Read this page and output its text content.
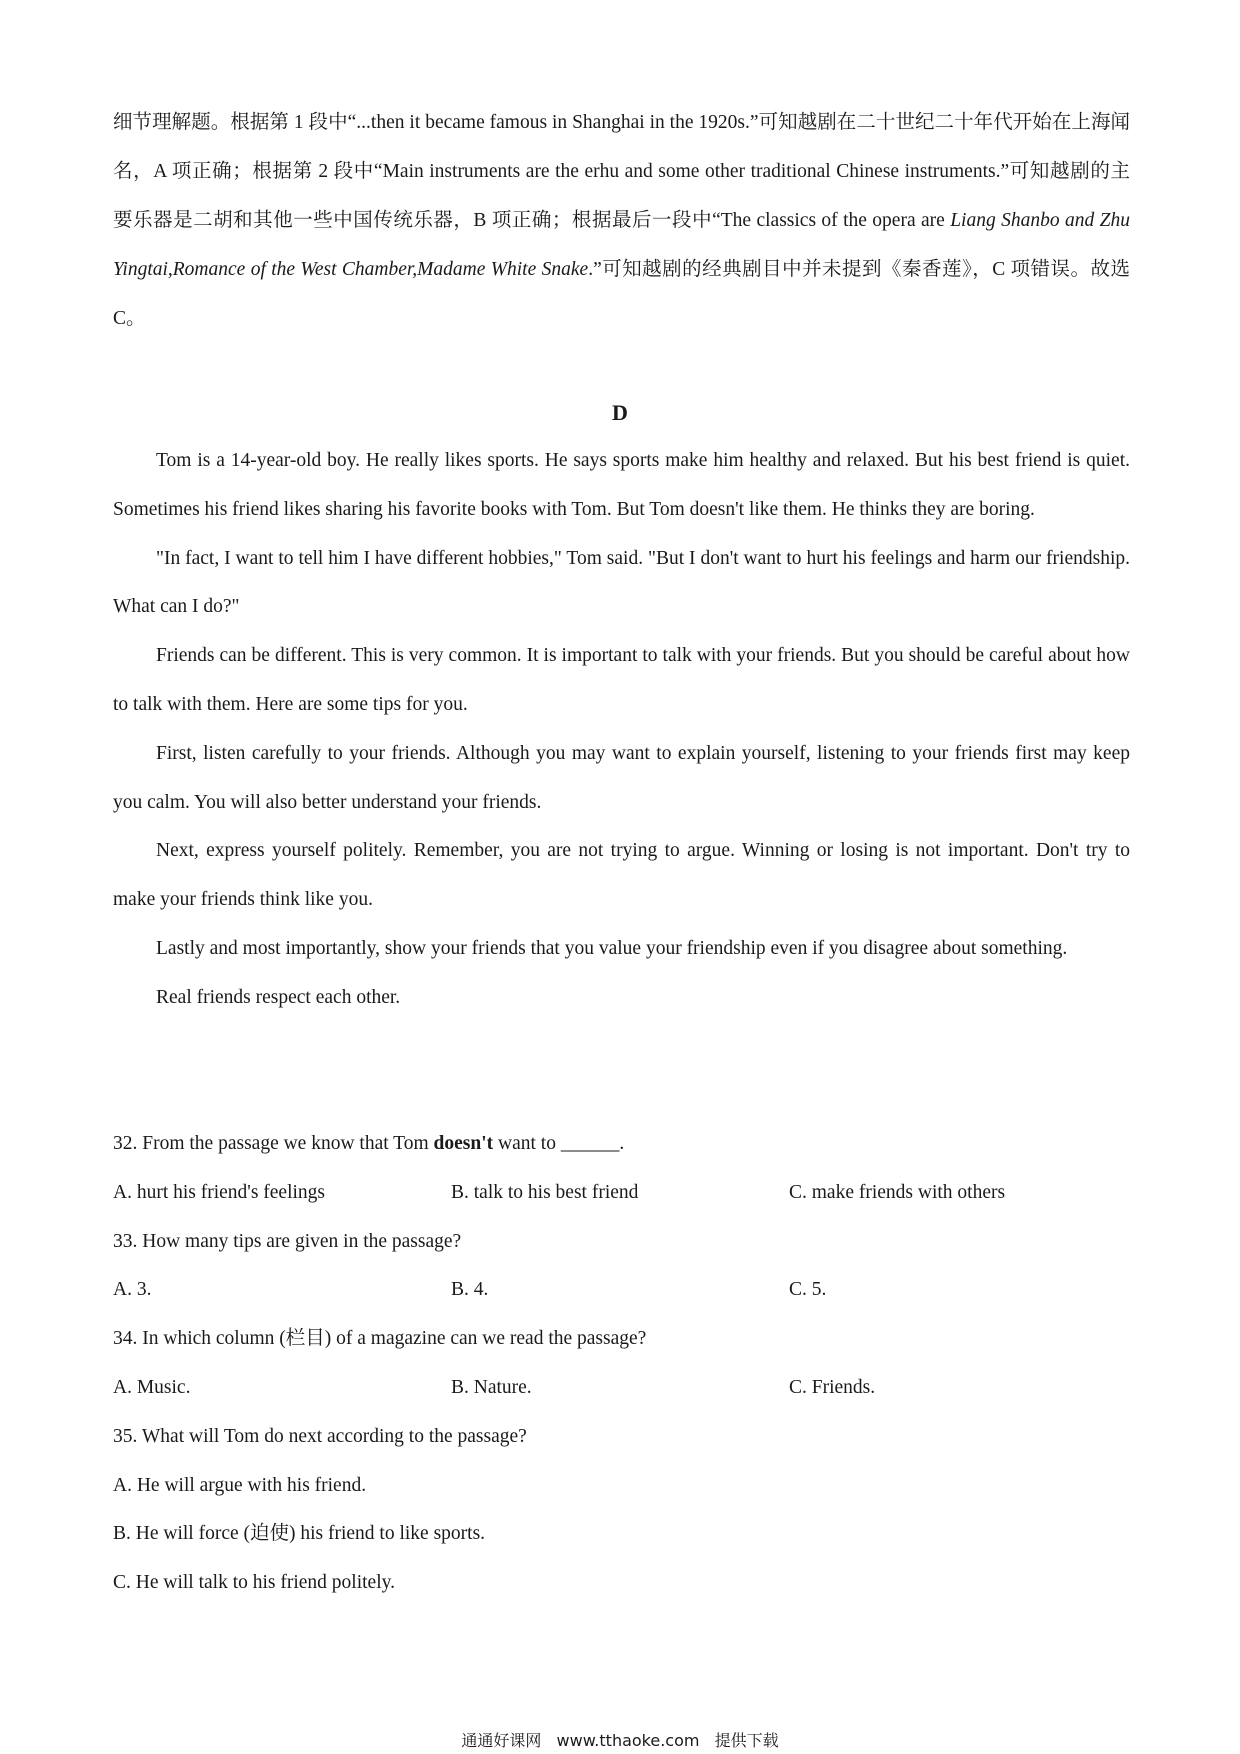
细节理解题。根据第 1 段中“...then it became famous in Shanghai in the 1920s.”可知越剧在二十世纪二十年代开始在上海闻名，A 项正确；根据第 2 段中“Main instruments are the erhu and some other traditional Chinese instruments.”可知越剧的主要乐器是二胡和其他一些中国传统乐器，B 项正确；根据最后一段中“The classics of the opera are Liang Shanbo and Zhu Yingtai,Romance of the West Chamber,Madame White Snake.”可知越剧的经典剧目中并未提到《秦香莲》，C 项错误。故选 C。
D

Tom is a 14-year-old boy. He really likes sports. He says sports make him healthy and relaxed. But his best friend is quiet. Sometimes his friend likes sharing his favorite books with Tom. But Tom doesn't like them. He thinks they are boring.

"In fact, I want to tell him I have different hobbies," Tom said. "But I don't want to hurt his feelings and harm our friendship. What can I do?"

Friends can be different. This is very common. It is important to talk with your friends. But you should be careful about how to talk with them. Here are some tips for you.

First, listen carefully to your friends. Although you may want to explain yourself, listening to your friends first may keep you calm. You will also better understand your friends.

Next, express yourself politely. Remember, you are not trying to argue. Winning or losing is not important. Don't try to make your friends think like you.

Lastly and most importantly, show your friends that you value your friendship even if you disagree about something.

Real friends respect each other.

32. From the passage we know that Tom doesn't want to ______.

A. hurt his friend's feelings	B. talk to his best friend	C. make friends with others

33. How many tips are given in the passage?

A. 3.	B. 4.	C. 5.

34. In which column (栏目) of a magazine can we read the passage?

A. Music.	B. Nature.	C. Friends.

35. What will Tom do next according to the passage?

A. He will argue with his friend.

B. He will force (迫使) his friend to like sports.

C. He will talk to his friend politely.

通通好课网 www.tthaoke.com 提供下载
